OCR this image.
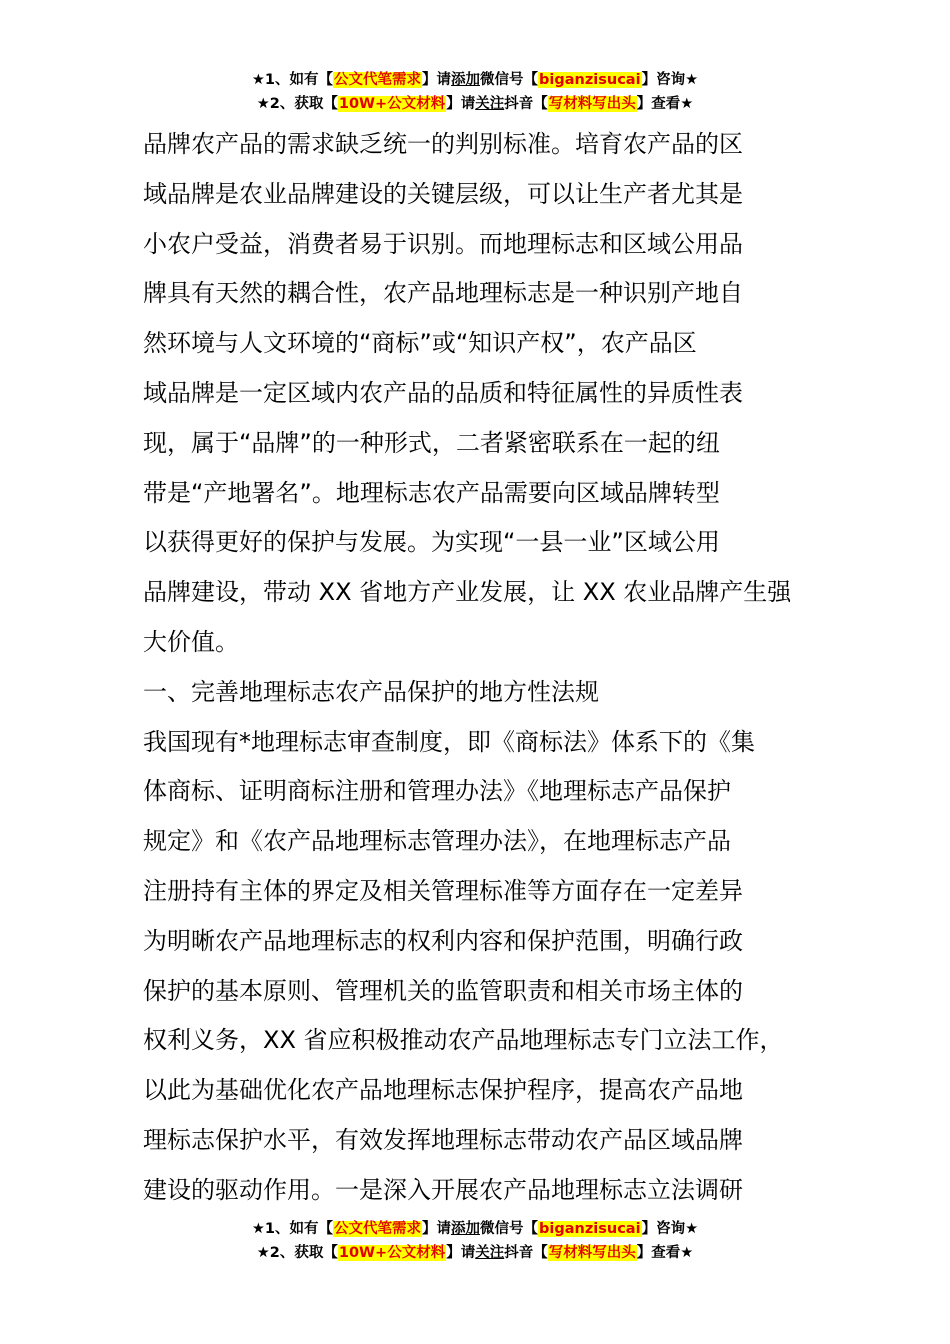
★1、如有【公文代笔需求】请添加微信号【biganzisucai】咨询★
★2、获取【10W+公文材料】请关注抖音【写材料写出头】查看★
品牌农产品的需求缺乏统一的判别标准。培育农产品的区
域品牌是农业品牌建设的关键层级，可以让生产者尤其是
小农户受益，消费者易于识别。而地理标志和区域公用品
牌具有天然的耦合性，农产品地理标志是一种识别产地自
然环境与人文环境的“商标”或“知识产权”，农产品区
域品牌是一定区域内农产品的品质和特征属性的异质性表
现，属于“品牌”的一种形式，二者紧密联系在一起的纽
带是“产地署名”。地理标志农产品需要向区域品牌转型
以获得更好的保护与发展。为实现“一县一业”区域公用
品牌建设，带动 XX 省地方产业发展，让 XX 农业品牌产生强
大价值。
一、完善地理标志农产品保护的地方性法规
我国现有*地理标志审查制度，即《商标法》体系下的《集
体商标、证明商标注册和管理办法》《地理标志产品保护
规定》和《农产品地理标志管理办法》，在地理标志产品
注册持有主体的界定及相关管理标准等方面存在一定差异
为明晰农产品地理标志的权利内容和保护范围，明确行政
保护的基本原则、管理机关的监管职责和相关市场主体的
权利义务，XX 省应积极推动农产品地理标志专门立法工作，
以此为基础优化农产品地理标志保护程序，提高农产品地
理标志保护水平，有效发挥地理标志带动农产品区域品牌
建设的驱动作用。一是深入开展农产品地理标志立法调研
★1、如有【公文代笔需求】请添加微信号【biganzisucai】咨询★
★2、获取【10W+公文材料】请关注抖音【写材料写出头】查看★
